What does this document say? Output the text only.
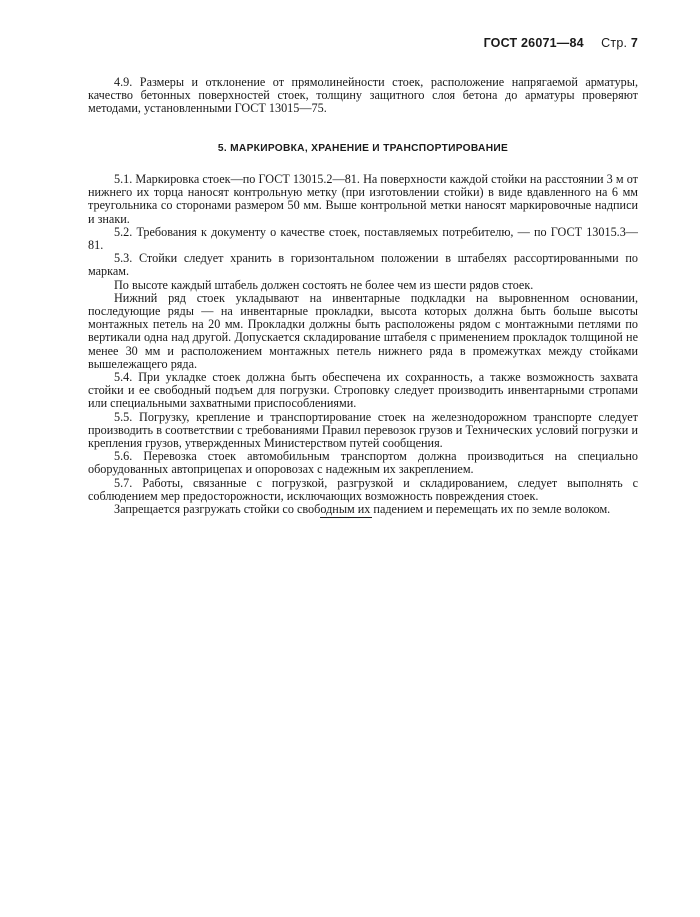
ГОСТ 26071—84 Стр. 7

4.9. Размеры и отклонение от прямолинейности стоек, расположение напрягаемой арматуры, качество бетонных поверхностей стоек, толщину защитного слоя бетона до арматуры проверяют методами, установленными ГОСТ 13015—75.

5. МАРКИРОВКА, ХРАНЕНИЕ И ТРАНСПОРТИРОВАНИЕ

5.1. Маркировка стоек—по ГОСТ 13015.2—81. На поверхности каждой стойки на расстоянии 3 м от нижнего их торца наносят контрольную метку (при изготовлении стойки) в виде вдавленного на 6 мм треугольника со сторонами размером 50 мм. Выше контрольной метки наносят маркировочные надписи и знаки.

5.2. Требования к документу о качестве стоек, поставляемых потребителю, — по ГОСТ 13015.3—81.

5.3. Стойки следует хранить в горизонтальном положении в штабелях рассортированными по маркам.

По высоте каждый штабель должен состоять не более чем из шести рядов стоек.

Нижний ряд стоек укладывают на инвентарные подкладки на выровненном основании, последующие ряды — на инвентарные прокладки, высота которых должна быть больше высоты монтажных петель на 20 мм. Прокладки должны быть расположены рядом с монтажными петлями по вертикали одна над другой. Допускается складирование штабеля с применением прокладок толщиной не менее 30 мм и расположением монтажных петель нижнего ряда в промежутках между стойками вышележащего ряда.

5.4. При укладке стоек должна быть обеспечена их сохранность, а также возможность захвата стойки и ее свободный подъем для погрузки. Строповку следует производить инвентарными стропами или специальными захватными приспособлениями.

5.5. Погрузку, крепление и транспортирование стоек на железнодорожном транспорте следует производить в соответствии с требованиями Правил перевозок грузов и Технических условий погрузки и крепления грузов, утвержденных Министерством путей сообщения.

5.6. Перевозка стоек автомобильным транспортом должна производиться на специально оборудованных автоприцепах и опоровозах с надежным их закреплением.

5.7. Работы, связанные с погрузкой, разгрузкой и складированием, следует выполнять с соблюдением мер предосторожности, исключающих возможность повреждения стоек.

Запрещается разгружать стойки со свободным их падением и перемещать их по земле волоком.
